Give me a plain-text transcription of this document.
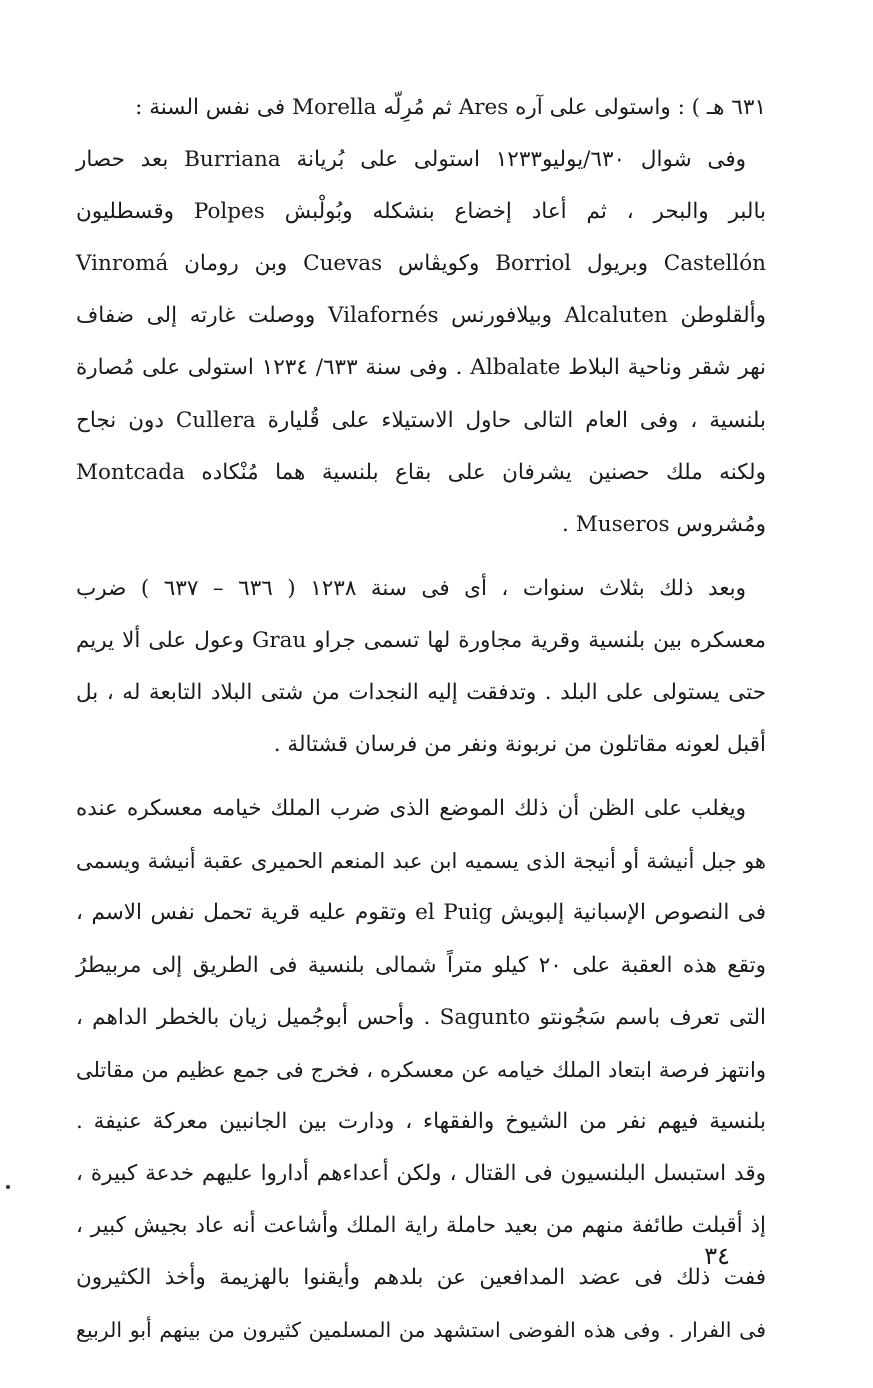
٦٣١ هـ ) : واستولى على آره Ares ثم مُرِلّه Morella فى نفس السنة :
وفى شوال ٦٣٠/يوليو١٢٣٣ استولى على بُريانة Burriana بعد حصار
بالبر والبحر ، ثم أعاد إخضاع بنشكله وبُولْبش Polpes وقسطليون
Castellón وبريول Borriol وكويڤاس Cuevas وبن رومان Vinromá
وألقلوطن Alcaluten وبيلافورنس Vilafornés ووصلت غارته إلى ضفاف
نهر شقر وناحية البلاط Albalate . وفى سنة ٦٣٣/ ١٢٣٤ استولى على مُصارة
بلنسية ، وفى العام التالى حاول الاستيلاء على قُليارة Cullera دون نجاح
ولكنه ملك حصنين يشرفان على بقاع بلنسية هما مُنْكاده Montcada
ومُشروس Museros .
وبعد ذلك بثلاث سنوات ، أى فى سنة ١٢٣٨ ( ٦٣٦ – ٦٣٧ ) ضرب
معسكره بين بلنسية وقرية مجاورة لها تسمى جراو Grau وعول على ألا يريم
حتى يستولى على البلد . وتدفقت إليه النجدات من شتى البلاد التابعة له ، بل
أقبل لعونه مقاتلون من نربونة ونفر من فرسان قشتالة .
ويغلب على الظن أن ذلك الموضع الذى ضرب الملك خيامه معسكره عنده
هو جبل أنيشة أو أنيجة الذى يسميه ابن عبد المنعم الحميرى عقبة أنيشة ويسمى
فى النصوص الإسبانية إلبويش el Puig وتقوم عليه قرية تحمل نفس الاسم ،
وتقع هذه العقبة على ٢٠ كيلو متراً شمالى بلنسية فى الطريق إلى مربيطرُ
التى تعرف باسم سَجُونتو Sagunto . وأحس أبوجُميل زيان بالخطر الداهم ،
وانتهز فرصة ابتعاد الملك خيامه عن معسكره ، فخرج فى جمع عظيم من مقاتلى
بلنسية فيهم نفر من الشيوخ والفقهاء ، ودارت بين الجانبين معركة عنيفة .
وقد استبسل البلنسيون فى القتال ، ولكن أعداءهم أداروا عليهم خدعة كبيرة ،
إذ أقبلت طائفة منهم من بعيد حاملة راية الملك وأشاعت أنه عاد بجيش كبير ،
ففت ذلك فى عضد المدافعين عن بلدهم وأيقنوا بالهزيمة وأخذ الكثيرون
فى الفرار . وفى هذه الفوضى استشهد من المسلمين كثيرون من بينهم أبو الربيع
٣٤
